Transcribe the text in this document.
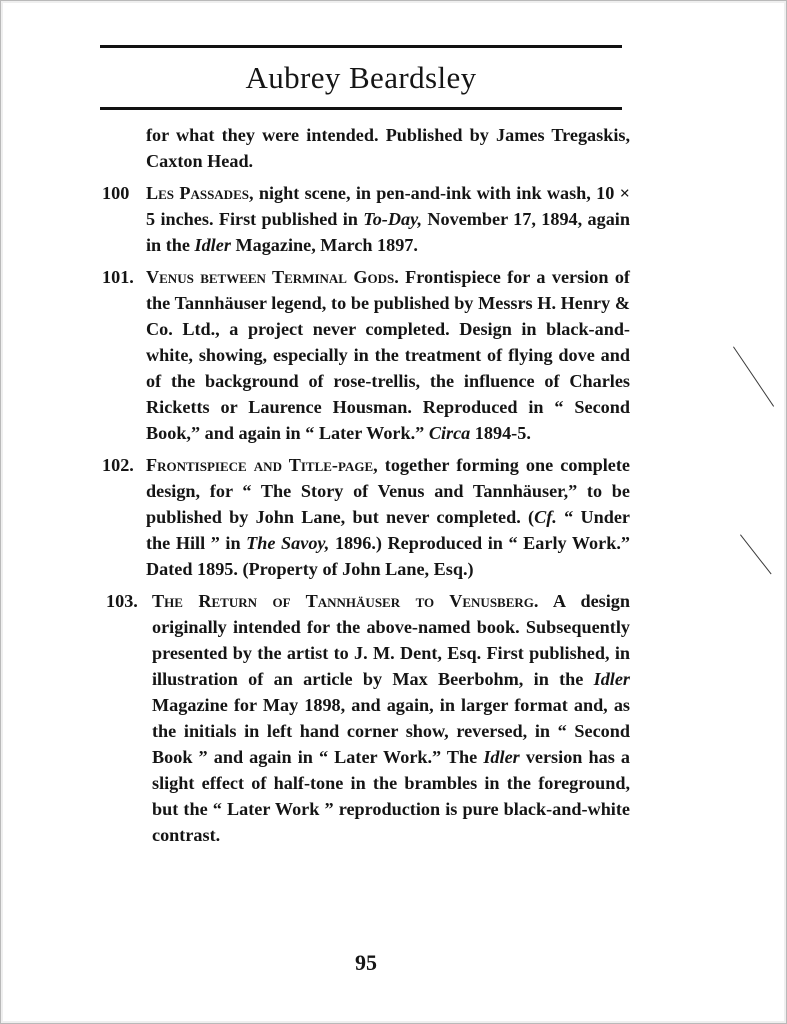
Aubrey Beardsley
for what they were intended. Published by James Tregaskis, Caxton Head.
100 Les Passades, night scene, in pen-and-ink with ink wash, 10 × 5 inches. First published in To-Day, November 17, 1894, again in the Idler Magazine, March 1897.
101. Venus between Terminal Gods. Frontispiece for a version of the Tannhäuser legend, to be published by Messrs H. Henry & Co. Ltd., a project never completed. Design in black-and-white, showing, especially in the treatment of flying dove and of the background of rose-trellis, the influence of Charles Ricketts or Laurence Housman. Reproduced in “ Second Book,” and again in “ Later Work.” Circa 1894-5.
102. Frontispiece and Title-page, together forming one complete design, for “ The Story of Venus and Tannhäuser,” to be published by John Lane, but never completed. (Cf. “ Under the Hill ” in The Savoy, 1896.) Reproduced in “ Early Work.” Dated 1895. (Property of John Lane, Esq.)
103. The Return of Tannhäuser to Venusberg. A design originally intended for the above-named book. Subsequently presented by the artist to J. M. Dent, Esq. First published, in illustration of an article by Max Beerbohm, in the Idler Magazine for May 1898, and again, in larger format and, as the initials in left hand corner show, reversed, in “ Second Book ” and again in “ Later Work.” The Idler version has a slight effect of half-tone in the brambles in the foreground, but the “ Later Work ” reproduction is pure black-and-white contrast.
95
